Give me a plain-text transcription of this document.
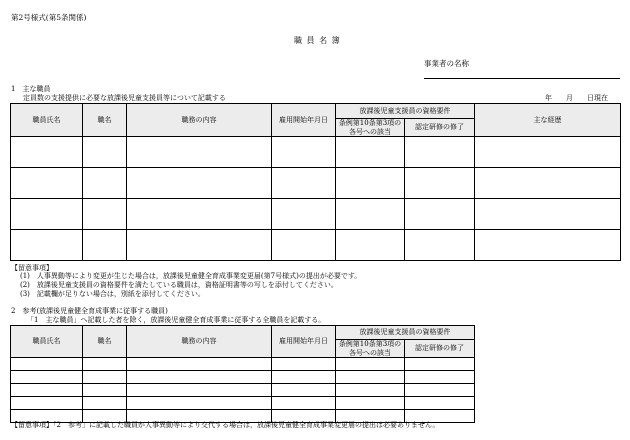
第2号様式(第5条関係)
職 員 名 簿
事業者の名称
1　主な職員
定員数の支援提供に必要な放課後児童支援員等について記載する	年　　月　　日現在
職員氏名	職名	職務の内容	雇用開始年月日	放課後児童支援員の資格要件		主な経歴
				条例第10条第3項の各号への該当	認定研修の修了	

【留意事項】
(1)　人事異動等により変更が生じた場合は，放課後児童健全育成事業変更届(第7号様式)の提出が必要です。
(2)　放課後児童支援員の資格要件を満たしている職員は，資格証明書等の写しを添付してください。
(3)　記載欄が足りない場合は，別紙を添付してください。
2　参考(放課後児童健全育成事業に従事する職員)
「1　主な職員」へ記載した者を除く，放課後児童健全育成事業に従事する全職員を記載する。
職員氏名	職名	職務の内容	雇用開始年月日	放課後児童支援員の資格要件	
				条例第10条第3項の各号への該当	認定研修の修了

【留意事項】「2　参考」に記載した職員が人事異動等により交代する場合は，放課後児童健全育成事業変更届の提出は必要ありません。
